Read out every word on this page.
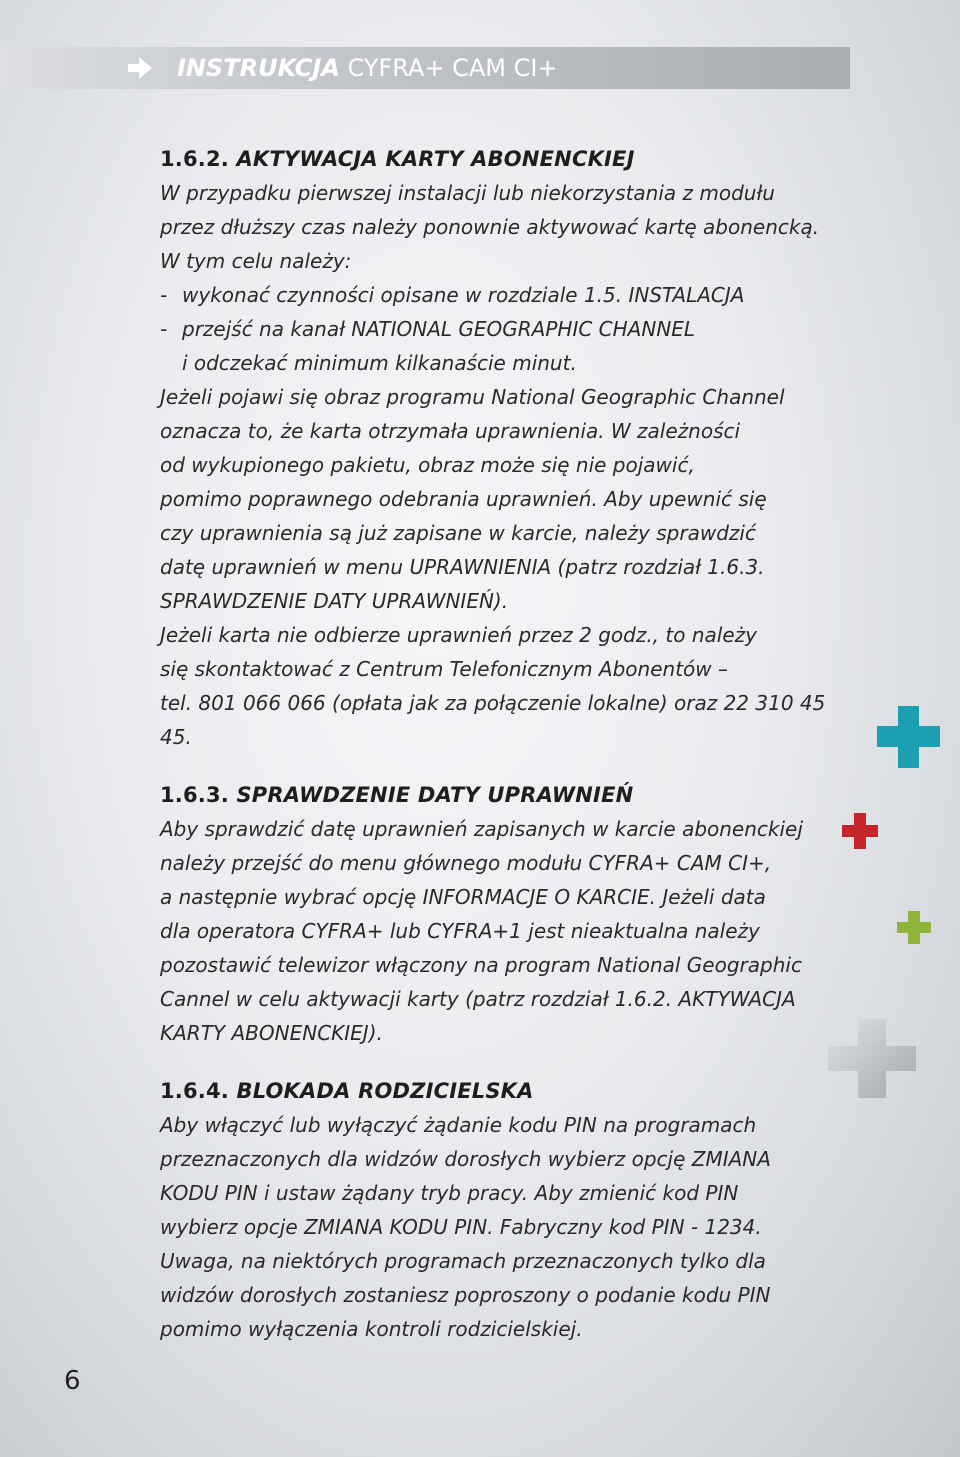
INSTRUKCJA CYFRA+ CAM CI+
1.6.2. AKTYWACJA KARTY ABONENCKIEJ

W przypadku pierwszej instalacji lub niekorzystania z modułu
przez dłuższy czas należy ponownie aktywować kartę abonencką.
W tym celu należy:

- wykonać czynności opisane w rozdziale 1.5. INSTALACJA
- przejść na kanał NATIONAL GEOGRAPHIC CHANNEL
i odczekać minimum kilkanaście minut.

Jeżeli pojawi się obraz programu National Geographic Channel
oznacza to, że karta otrzymała uprawnienia. W zależności
od wykupionego pakietu, obraz może się nie pojawić,
pomimo poprawnego odebrania uprawnień. Aby upewnić się
czy uprawnienia są już zapisane w karcie, należy sprawdzić
datę uprawnień w menu UPRAWNIENIA (patrz rozdział 1.6.3.
SPRAWDZENIE DATY UPRAWNIEŃ).
Jeżeli karta nie odbierze uprawnień przez 2 godz., to należy
się skontaktować z Centrum Telefonicznym Abonentów –
tel. 801 066 066 (opłata jak za połączenie lokalne) oraz 22 310 45 45.

1.6.3. SPRAWDZENIE DATY UPRAWNIEŃ

Aby sprawdzić datę uprawnień zapisanych w karcie abonenckiej
należy przejść do menu głównego modułu CYFRA+ CAM CI+,
a następnie wybrać opcję INFORMACJE O KARCIE. Jeżeli data
dla operatora CYFRA+ lub CYFRA+1 jest nieaktualna należy
pozostawić telewizor włączony na program National Geographic
Cannel w celu aktywacji karty (patrz rozdział 1.6.2. AKTYWACJA
KARTY ABONENCKIEJ).

1.6.4. BLOKADA RODZICIELSKA

Aby włączyć lub wyłączyć żądanie kodu PIN na programach
przeznaczonych dla widzów dorosłych wybierz opcję ZMIANA
KODU PIN i ustaw żądany tryb pracy. Aby zmienić kod PIN
wybierz opcje ZMIANA KODU PIN. Fabryczny kod PIN - 1234.
Uwaga, na niektórych programach przeznaczonych tylko dla
widzów dorosłych zostaniesz poproszony o podanie kodu PIN
pomimo wyłączenia kontroli rodzicielskiej.

6
